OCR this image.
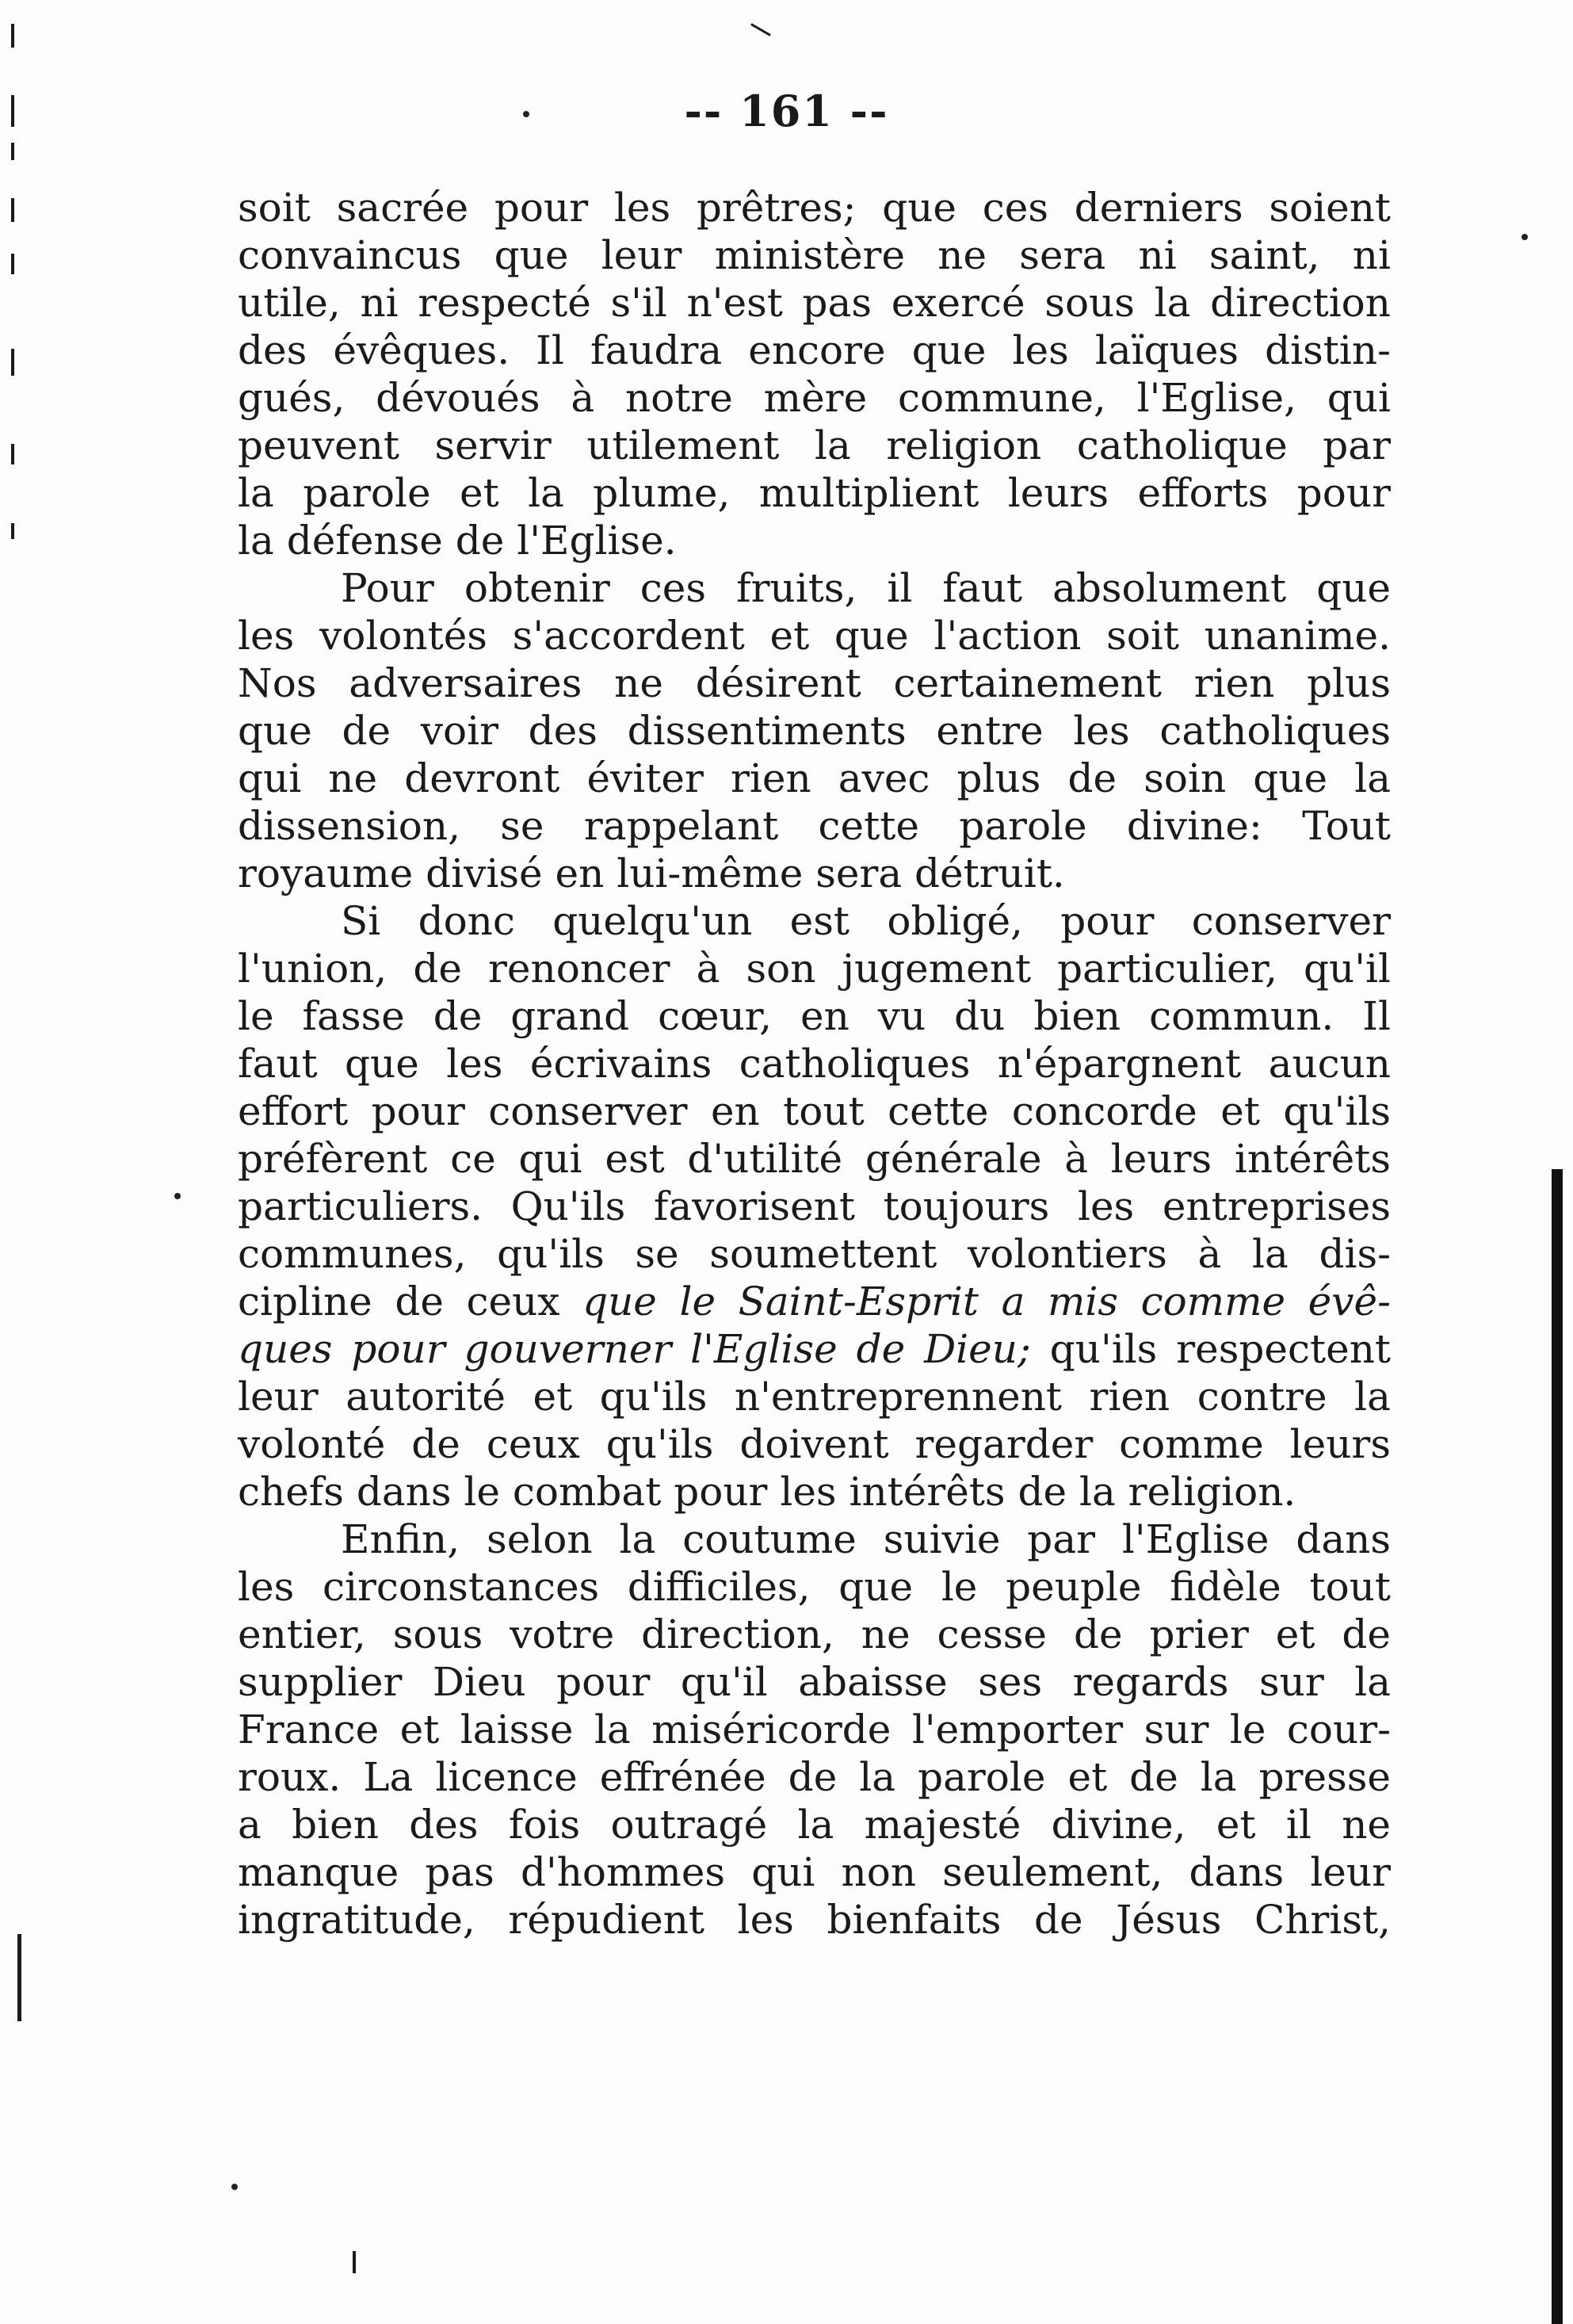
-- 161 --

soit sacrée pour les prêtres; que ces derniers soient
convaincus que leur ministère ne sera ni saint, ni
utile, ni respecté s'il n'est pas exercé sous la direction
des évêques. Il faudra encore que les laïques distin-
gués, dévoués à notre mère commune, l'Eglise, qui
peuvent servir utilement la religion catholique par
la parole et la plume, multiplient leurs efforts pour
la défense de l'Eglise.

Pour obtenir ces fruits, il faut absolument que
les volontés s'accordent et que l'action soit unanime.
Nos adversaires ne désirent certainement rien plus
que de voir des dissentiments entre les catholiques
qui ne devront éviter rien avec plus de soin que la
dissension, se rappelant cette parole divine: Tout
royaume divisé en lui-même sera détruit.

Si donc quelqu'un est obligé, pour conserver
l'union, de renoncer à son jugement particulier, qu'il
le fasse de grand cœur, en vu du bien commun. Il
faut que les écrivains catholiques n'épargnent aucun
effort pour conserver en tout cette concorde et qu'ils
préfèrent ce qui est d'utilité générale à leurs intérêts
particuliers. Qu'ils favorisent toujours les entreprises
communes, qu'ils se soumettent volontiers à la dis-
cipline de ceux que le Saint-Esprit a mis comme évê-
ques pour gouverner l'Eglise de Dieu; qu'ils respectent
leur autorité et qu'ils n'entreprennent rien contre la
volonté de ceux qu'ils doivent regarder comme leurs
chefs dans le combat pour les intérêts de la religion.

Enfin, selon la coutume suivie par l'Eglise dans
les circonstances difficiles, que le peuple fidèle tout
entier, sous votre direction, ne cesse de prier et de
supplier Dieu pour qu'il abaisse ses regards sur la
France et laisse la miséricorde l'emporter sur le cour-
roux. La licence effrénée de la parole et de la presse
a bien des fois outragé la majesté divine, et il ne
manque pas d'hommes qui non seulement, dans leur
ingratitude, répudient les bienfaits de Jésus Christ,
